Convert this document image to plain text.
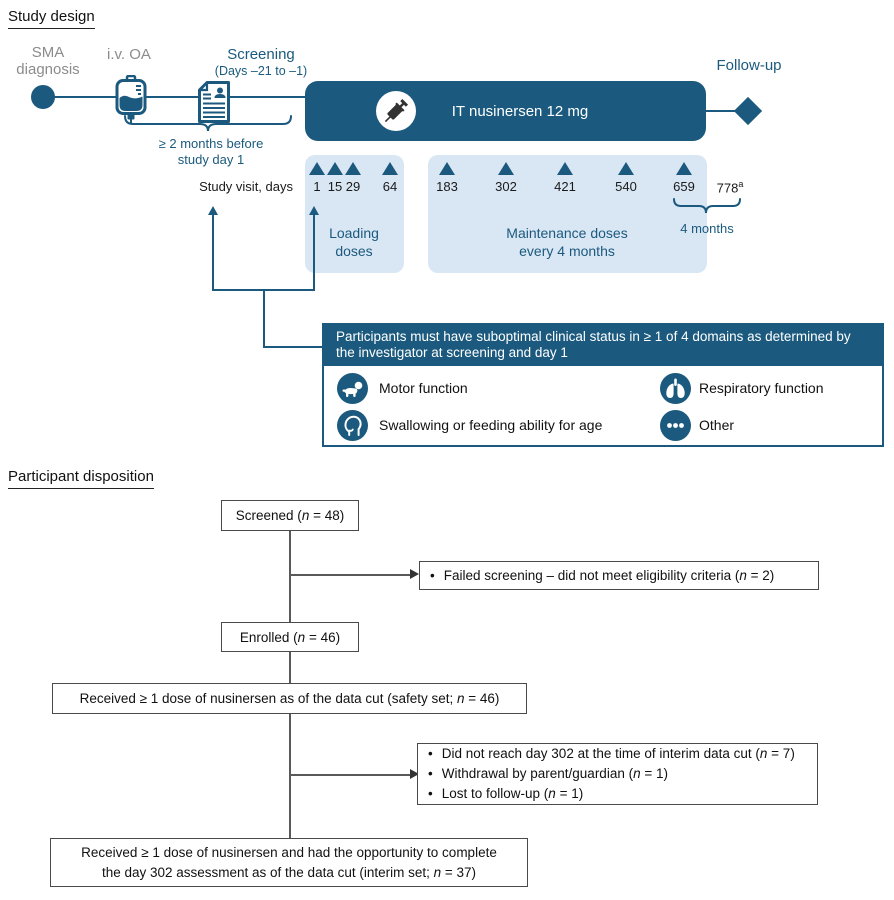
Study design
SMA
diagnosis
i.v. OA	Screening
(Days –21 to –1)
IT nusinersen 12 mg
Follow-up
≥ 2 months before
study day 1
Study visit, days 1 15 29 64	183	302	421	540	659 778$^a$
Loading
doses
Maintenance doses
every 4 months
4 months
Participants must have suboptimal clinical status in ≥ 1 of 4 domains as determined by
the investigator at screening and day 1
Motor function	Respiratory function
Swallowing or feeding ability for age	Other
Participant disposition
Screened (n = 48)
• Failed screening – did not meet eligibility criteria (n = 2)
Enrolled (n = 46)
Received ≥ 1 dose of nusinersen as of the data cut (safety set; n = 46)
• Did not reach day 302 at the time of interim data cut (n = 7)
• Withdrawal by parent/guardian (n = 1)
• Lost to follow-up (n = 1)
Received ≥ 1 dose of nusinersen and had the opportunity to complete
the day 302 assessment as of the data cut (interim set; n = 37)
